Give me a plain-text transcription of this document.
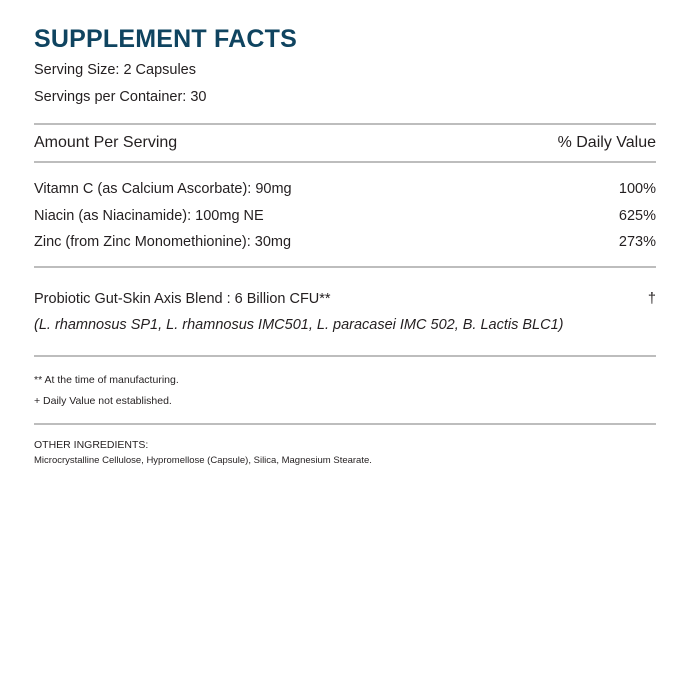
SUPPLEMENT FACTS
Serving Size: 2 Capsules
Servings per Container: 30
Amount Per Serving	% Daily Value
Vitamn C (as Calcium Ascorbate): 90mg	100%
Niacin (as Niacinamide): 100mg NE	625%
Zinc (from Zinc Monomethionine): 30mg	273%
Probiotic Gut-Skin Axis Blend : 6 Billion CFU**	†
(L. rhamnosus SP1, L. rhamnosus IMC501, L. paracasei IMC 502, B. Lactis BLC1)
** At the time of manufacturing.
+ Daily Value not established.
OTHER INGREDIENTS:
Microcrystalline Cellulose, Hypromellose (Capsule), Silica, Magnesium Stearate.
